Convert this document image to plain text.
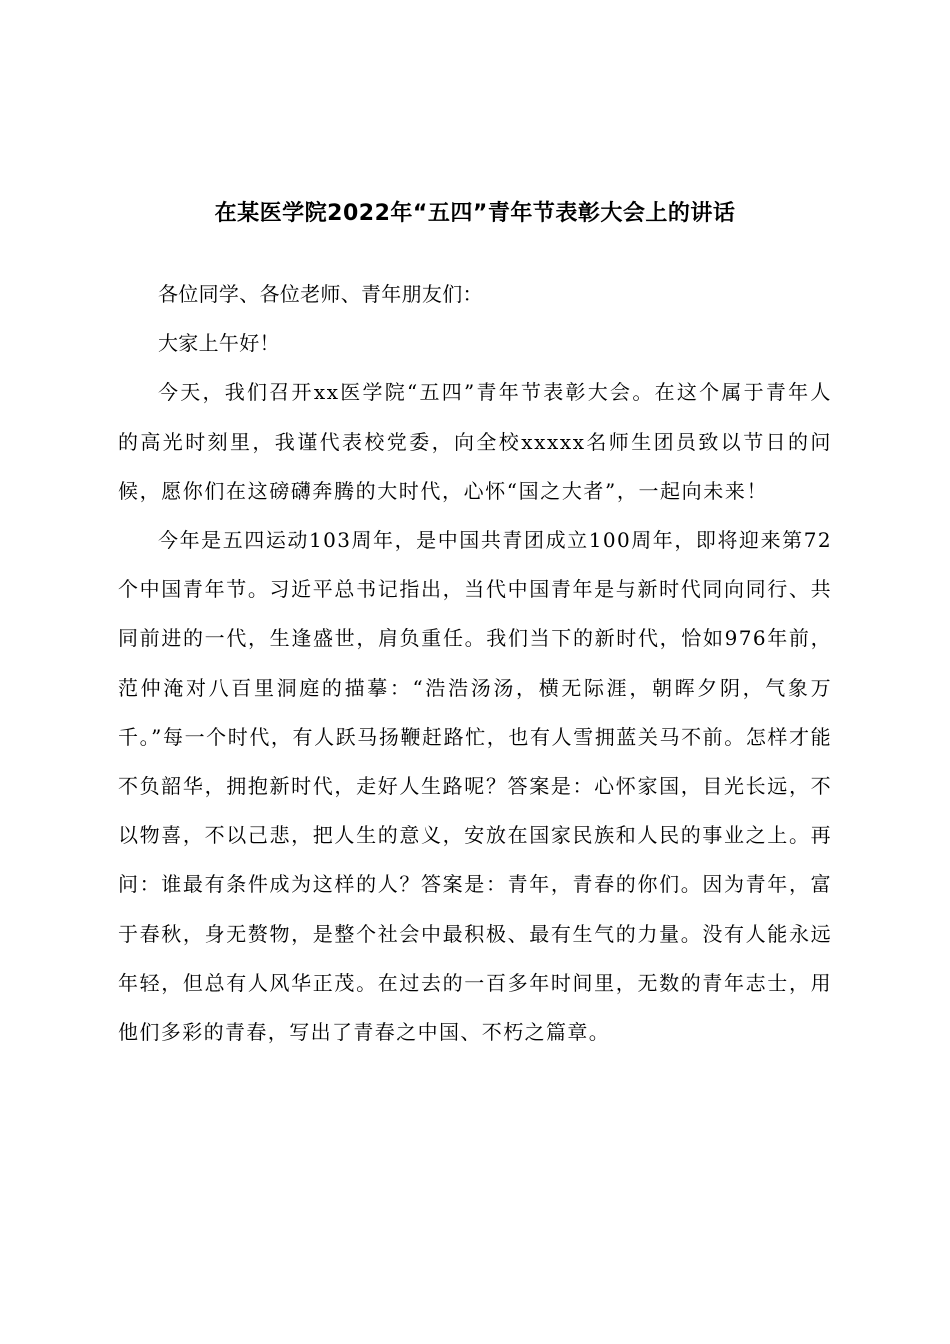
在某医学院2022年“五四”青年节表彰大会上的讲话

各位同学、各位老师、青年朋友们：

大家上午好！

今天，我们召开xx医学院“五四”青年节表彰大会。在这个属于青年人的高光时刻里，我谨代表校党委，向全校xxxxx名师生团员致以节日的问候，愿你们在这磅礴奔腾的大时代，心怀“国之大者”，一起向未来！

今年是五四运动103周年，是中国共青团成立100周年，即将迎来第72个中国青年节。习近平总书记指出，当代中国青年是与新时代同向同行、共同前进的一代，生逢盛世，肩负重任。我们当下的新时代，恰如976年前，范仲淹对八百里洞庭的描摹：“浩浩汤汤，横无际涯，朝晖夕阴，气象万千。”每一个时代，有人跃马扬鞭赶路忙，也有人雪拥蓝关马不前。怎样才能不负韶华，拥抱新时代，走好人生路呢？答案是：心怀家国，目光长远，不以物喜，不以己悲，把人生的意义，安放在国家民族和人民的事业之上。再问：谁最有条件成为这样的人？答案是：青年，青春的你们。因为青年，富于春秋，身无赘物，是整个社会中最积极、最有生气的力量。没有人能永远年轻，但总有人风华正茂。在过去的一百多年时间里，无数的青年志士，用他们多彩的青春，写出了青春之中国、不朽之篇章。
